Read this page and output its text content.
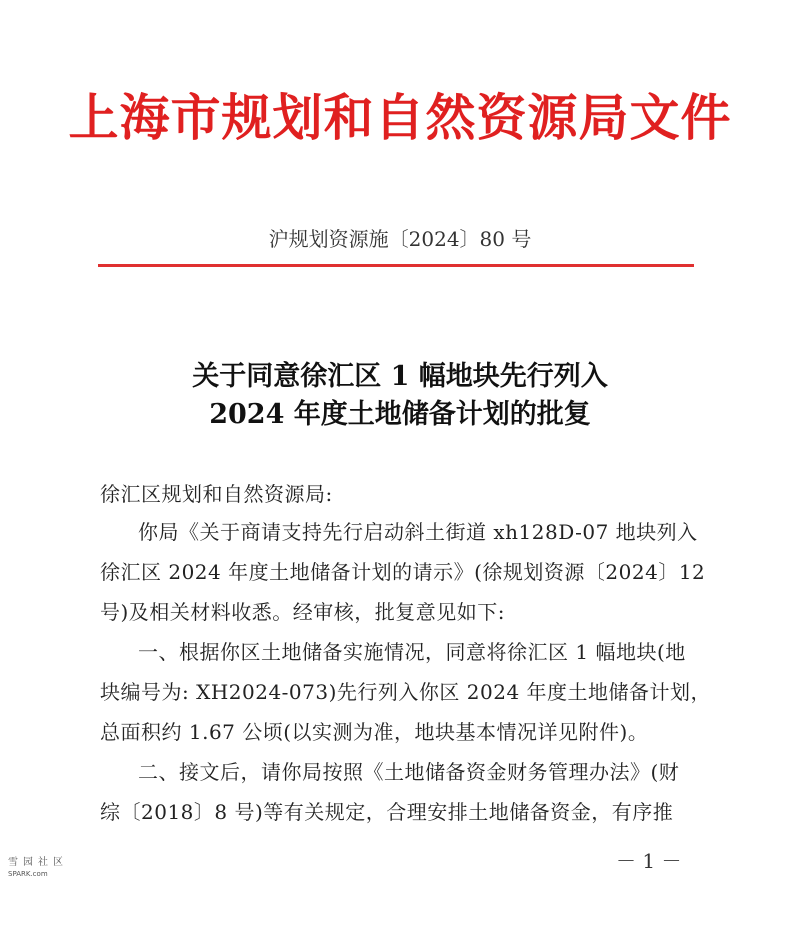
上海市规划和自然资源局文件
沪规划资源施〔2024〕80 号
关于同意徐汇区 1 幅地块先行列入
2024 年度土地储备计划的批复
徐汇区规划和自然资源局:
你局《关于商请支持先行启动斜土街道 xh128D-07 地块列入
徐汇区 2024 年度土地储备计划的请示》(徐规划资源〔2024〕12
号)及相关材料收悉。经审核，批复意见如下:
一、根据你区土地储备实施情况，同意将徐汇区 1 幅地块(地
块编号为: XH2024-073)先行列入你区 2024 年度土地储备计划，
总面积约 1.67 公顷(以实测为准，地块基本情况详见附件)。
二、接文后，请你局按照《土地储备资金财务管理办法》(财
综〔2018〕8 号)等有关规定，合理安排土地储备资金，有序推
－ 1 －
雪园社区
SPARK.com
